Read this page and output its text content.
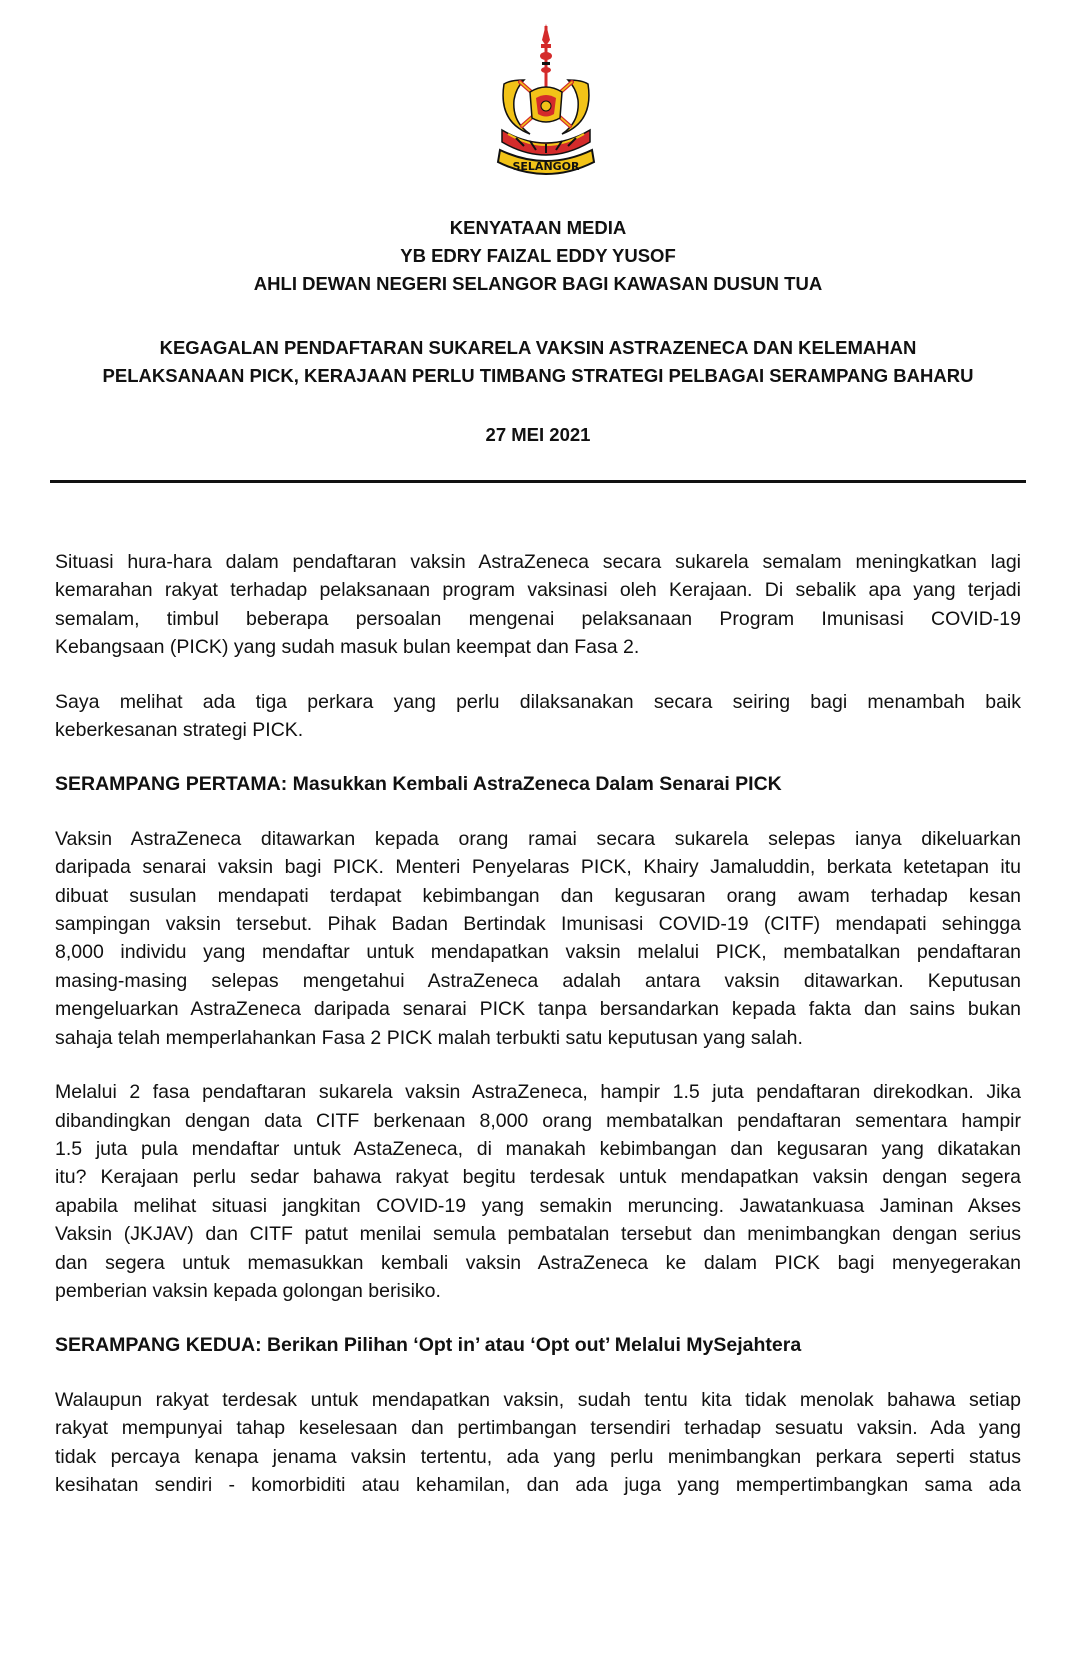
SELANGOR
KENYATAAN MEDIA
YB EDRY FAIZAL EDDY YUSOF
AHLI DEWAN NEGERI SELANGOR BAGI KAWASAN DUSUN TUA
KEGAGALAN PENDAFTARAN SUKARELA VAKSIN ASTRAZENECA DAN KELEMAHAN
PELAKSANAAN PICK, KERAJAAN PERLU TIMBANG STRATEGI PELBAGAI SERAMPANG BAHARU
27 MEI 2021
Situasi hura-hara dalam pendaftaran vaksin AstraZeneca secara sukarela semalam meningkatkan lagi
kemarahan rakyat terhadap pelaksanaan program vaksinasi oleh Kerajaan. Di sebalik apa yang terjadi
semalam, timbul beberapa persoalan mengenai pelaksanaan Program Imunisasi COVID-19
Kebangsaan (PICK) yang sudah masuk bulan keempat dan Fasa 2.
Saya melihat ada tiga perkara yang perlu dilaksanakan secara seiring bagi menambah baik
keberkesanan strategi PICK.
SERAMPANG PERTAMA: Masukkan Kembali AstraZeneca Dalam Senarai PICK
Vaksin AstraZeneca ditawarkan kepada orang ramai secara sukarela selepas ianya dikeluarkan
daripada senarai vaksin bagi PICK. Menteri Penyelaras PICK, Khairy Jamaluddin, berkata ketetapan itu
dibuat susulan mendapati terdapat kebimbangan dan kegusaran orang awam terhadap kesan
sampingan vaksin tersebut. Pihak Badan Bertindak Imunisasi COVID-19 (CITF) mendapati sehingga
8,000 individu yang mendaftar untuk mendapatkan vaksin melalui PICK, membatalkan pendaftaran
masing-masing selepas mengetahui AstraZeneca adalah antara vaksin ditawarkan. Keputusan
mengeluarkan AstraZeneca daripada senarai PICK tanpa bersandarkan kepada fakta dan sains bukan
sahaja telah memperlahankan Fasa 2 PICK malah terbukti satu keputusan yang salah.
Melalui 2 fasa pendaftaran sukarela vaksin AstraZeneca, hampir 1.5 juta pendaftaran direkodkan. Jika
dibandingkan dengan data CITF berkenaan 8,000 orang membatalkan pendaftaran sementara hampir
1.5 juta pula mendaftar untuk AstaZeneca, di manakah kebimbangan dan kegusaran yang dikatakan
itu? Kerajaan perlu sedar bahawa rakyat begitu terdesak untuk mendapatkan vaksin dengan segera
apabila melihat situasi jangkitan COVID-19 yang semakin meruncing. Jawatankuasa Jaminan Akses
Vaksin (JKJAV) dan CITF patut menilai semula pembatalan tersebut dan menimbangkan dengan serius
dan segera untuk memasukkan kembali vaksin AstraZeneca ke dalam PICK bagi menyegerakan
pemberian vaksin kepada golongan berisiko.
SERAMPANG KEDUA: Berikan Pilihan ‘Opt in’ atau ‘Opt out’ Melalui MySejahtera
Walaupun rakyat terdesak untuk mendapatkan vaksin, sudah tentu kita tidak menolak bahawa setiap
rakyat mempunyai tahap keselesaan dan pertimbangan tersendiri terhadap sesuatu vaksin. Ada yang
tidak percaya kenapa jenama vaksin tertentu, ada yang perlu menimbangkan perkara seperti status
kesihatan sendiri - komorbiditi atau kehamilan, dan ada juga yang mempertimbangkan sama ada
